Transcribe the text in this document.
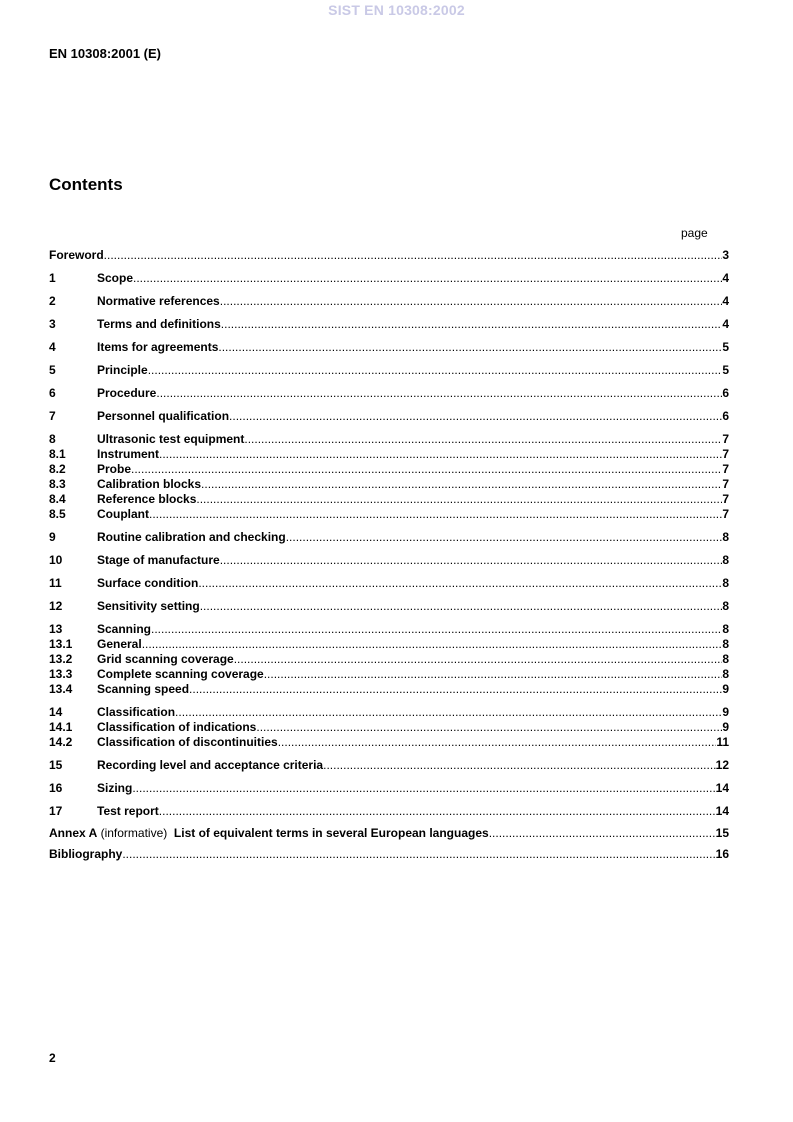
SIST EN 10308:2002
EN 10308:2001 (E)
Contents
page
Foreword .....	3
1	Scope .....	4
2	Normative references .....	4
3	Terms and definitions .....	4
4	Items for agreements .....	5
5	Principle .....	5
6	Procedure .....	6
7	Personnel qualification .....	6
8	Ultrasonic test equipment .....	7
8.1	Instrument .....	7
8.2	Probe .....	7
8.3	Calibration blocks .....	7
8.4	Reference blocks .....	7
8.5	Couplant .....	7
9	Routine calibration and checking .....	8
10	Stage of manufacture .....	8
11	Surface condition .....	8
12	Sensitivity setting .....	8
13	Scanning .....	8
13.1	General .....	8
13.2	Grid scanning coverage .....	8
13.3	Complete scanning coverage .....	8
13.4	Scanning speed .....	9
14	Classification .....	9
14.1	Classification of indications .....	9
14.2	Classification of discontinuities .....	11
15	Recording level and acceptance criteria .....	12
16	Sizing .....	14
17	Test report .....	14
Annex A (informative)  List of equivalent terms in several European languages .....	15
Bibliography .....	16
2
